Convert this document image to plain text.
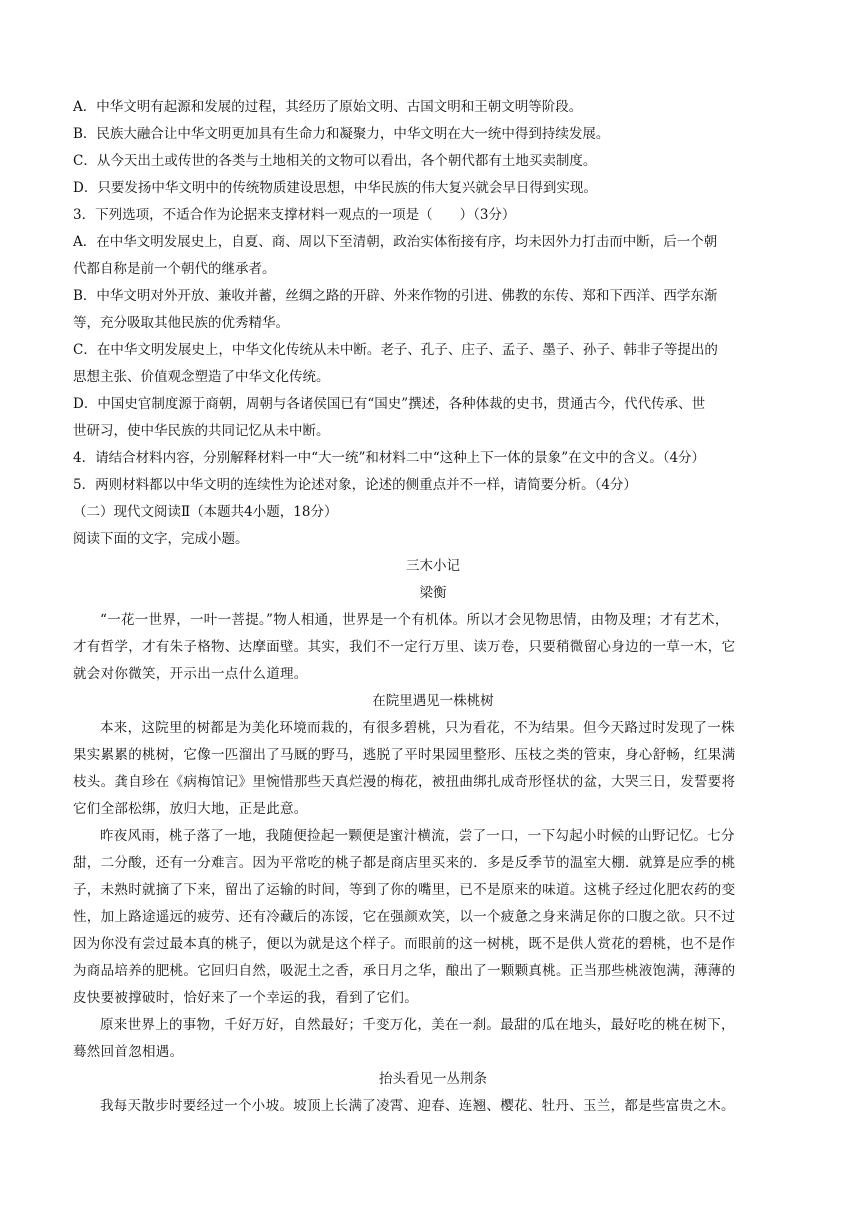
A．中华文明有起源和发展的过程，其经历了原始文明、古国文明和王朝文明等阶段。
B．民族大融合让中华文明更加具有生命力和凝聚力，中华文明在大一统中得到持续发展。
C．从今天出土或传世的各类与土地相关的文物可以看出，各个朝代都有土地买卖制度。
D．只要发扬中华文明中的传统物质建设思想，中华民族的伟大复兴就会早日得到实现。
3．下列选项，不适合作为论据来支撑材料一观点的一项是（　　）（3分）
A．在中华文明发展史上，自夏、商、周以下至清朝，政治实体衔接有序，均未因外力打击而中断，后一个朝
代都自称是前一个朝代的继承者。
B．中华文明对外开放、兼收并蓄，丝绸之路的开辟、外来作物的引进、佛教的东传、郑和下西洋、西学东渐
等，充分吸取其他民族的优秀精华。
C．在中华文明发展史上，中华文化传统从未中断。老子、孔子、庄子、孟子、墨子、孙子、韩非子等提出的
思想主张、价值观念塑造了中华文化传统。
D．中国史官制度源于商朝，周朝与各诸侯国已有“国史”撰述，各种体裁的史书，贯通古今，代代传承、世
世研习，使中华民族的共同记忆从未中断。
4．请结合材料内容，分别解释材料一中“大一统”和材料二中“这种上下一体的景象”在文中的含义。（4分）
5．两则材料都以中华文明的连续性为论述对象，论述的侧重点并不一样，请简要分析。（4分）
（二）现代文阅读Ⅱ（本题共4小题，18分）
阅读下面的文字，完成小题。
三木小记
梁衡
“一花一世界，一叶一菩提。”物人相通，世界是一个有机体。所以才会见物思情，由物及理；才有艺术，
才有哲学，才有朱子格物、达摩面壁。其实，我们不一定行万里、读万卷，只要稍微留心身边的一草一木，它
就会对你微笑，开示出一点什么道理。
在院里遇见一株桃树
本来，这院里的树都是为美化环境而栽的，有很多碧桃，只为看花，不为结果。但今天路过时发现了一株
果实累累的桃树，它像一匹溜出了马厩的野马，逃脱了平时果园里整形、压枝之类的管束，身心舒畅，红果满
枝头。龚自珍在《病梅馆记》里惋惜那些天真烂漫的梅花，被扭曲绑扎成奇形怪状的盆，大哭三日，发誓要将
它们全部松绑，放归大地，正是此意。
昨夜风雨，桃子落了一地，我随便捡起一颗便是蜜汁横流，尝了一口，一下勾起小时候的山野记忆。七分
甜，二分酸，还有一分难言。因为平常吃的桃子都是商店里买来的．多是反季节的温室大棚．就算是应季的桃
子，未熟时就摘了下来，留出了运输的时间，等到了你的嘴里，已不是原来的味道。这桃子经过化肥农药的变
性，加上路途遥远的疲劳、还有冷藏后的冻馁，它在强颜欢笑，以一个疲惫之身来满足你的口腹之欲。只不过
因为你没有尝过最本真的桃子，便以为就是这个样子。而眼前的这一树桃，既不是供人赏花的碧桃，也不是作
为商品培养的肥桃。它回归自然，吸泥土之香，承日月之华，酿出了一颗颗真桃。正当那些桃液饱满，薄薄的
皮快要被撑破时，恰好来了一个幸运的我，看到了它们。
原来世界上的事物，千好万好，自然最好；千变万化，美在一刹。最甜的瓜在地头，最好吃的桃在树下，
蓦然回首忽相遇。
抬头看见一丛荆条
我每天散步时要经过一个小坡。坡顶上长满了凌霄、迎春、连翘、樱花、牡丹、玉兰，都是些富贵之木。
